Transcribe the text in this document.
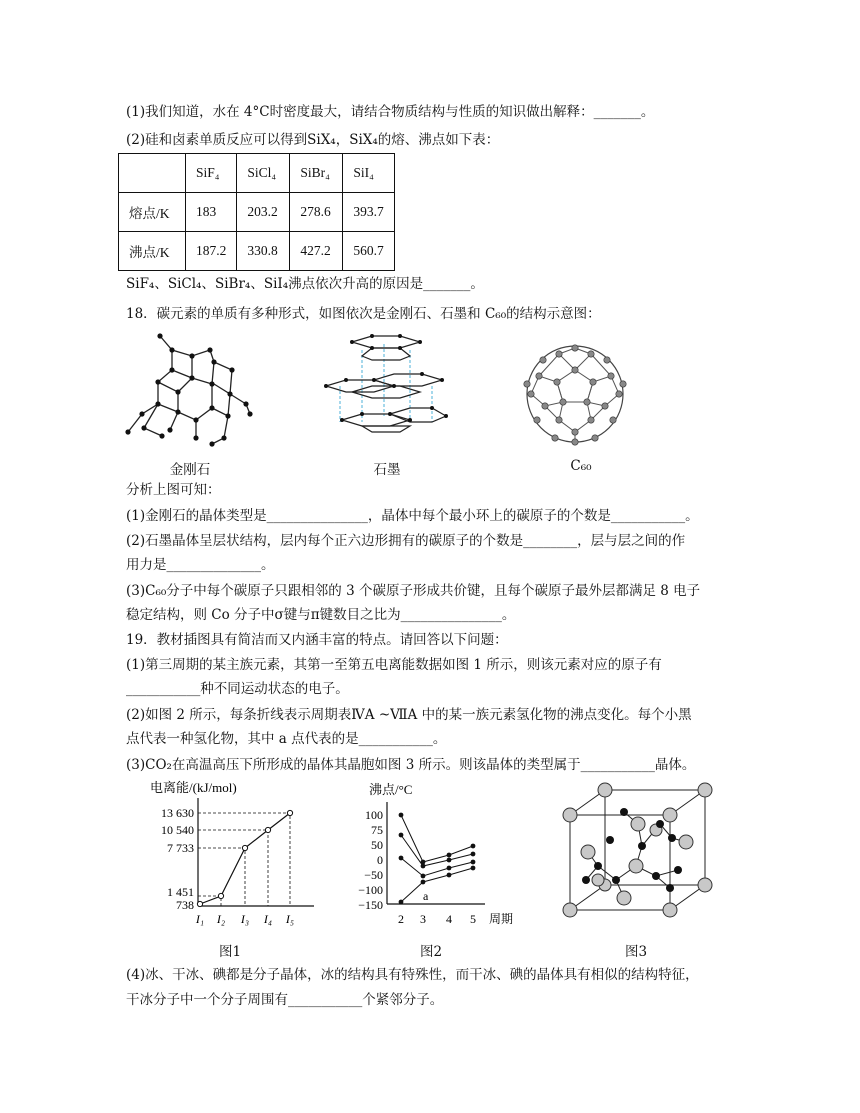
(1)我们知道，水在 4°C时密度最大，请结合物质结构与性质的知识做出解释：_______。
(2)硅和卤素单质反应可以得到SiX₄，SiX₄的熔、沸点如下表：
	SiF₄	SiCl₄	SiBr₄	SiI₄
熔点/K	183	203.2	278.6	393.7
沸点/K	187.2	330.8	427.2	560.7
SiF₄、SiCl₄、SiBr₄、SiI₄沸点依次升高的原因是_______。
18．碳元素的单质有多种形式，如图依次是金刚石、石墨和 C₆₀的结构示意图：
金刚石	石墨	C₆₀
分析上图可知：
(1)金刚石的晶体类型是_______________，晶体中每个最小环上的碳原子的个数是___________。
(2)石墨晶体呈层状结构，层内每个正六边形拥有的碳原子的个数是________，层与层之间的作
用力是______________。
(3)C₆₀分子中每个碳原子只跟相邻的 3 个碳原子形成共价键，且每个碳原子最外层都满足 8 电子
稳定结构，则 Co 分子中σ键与π键数目之比为_______________。
19．教材插图具有简洁而又内涵丰富的特点。请回答以下问题：
(1)第三周期的某主族元素，其第一至第五电离能数据如图 1 所示，则该元素对应的原子有
___________种不同运动状态的电子。
(2)如图 2 所示，每条折线表示周期表ⅣA ~ⅦA 中的某一族元素氢化物的沸点变化。每个小黑
点代表一种氢化物，其中 a 点代表的是___________。
(3)CO₂在高温高压下所形成的晶体其晶胞如图 3 所示。则该晶体的类型属于___________晶体。
电离能/(kJ/mol)
13 630
10 540
7 733
1 451
738
I₁ I₂ I₃ I₄ I₅
图1
沸点/°C
100
75
50
0
−50
−100
−150
a
2 3 4 5 周期
图2	图3
(4)冰、干冰、碘都是分子晶体，冰的结构具有特殊性，而干冰、碘的晶体具有相似的结构特征，
干冰分子中一个分子周围有___________个紧邻分子。
